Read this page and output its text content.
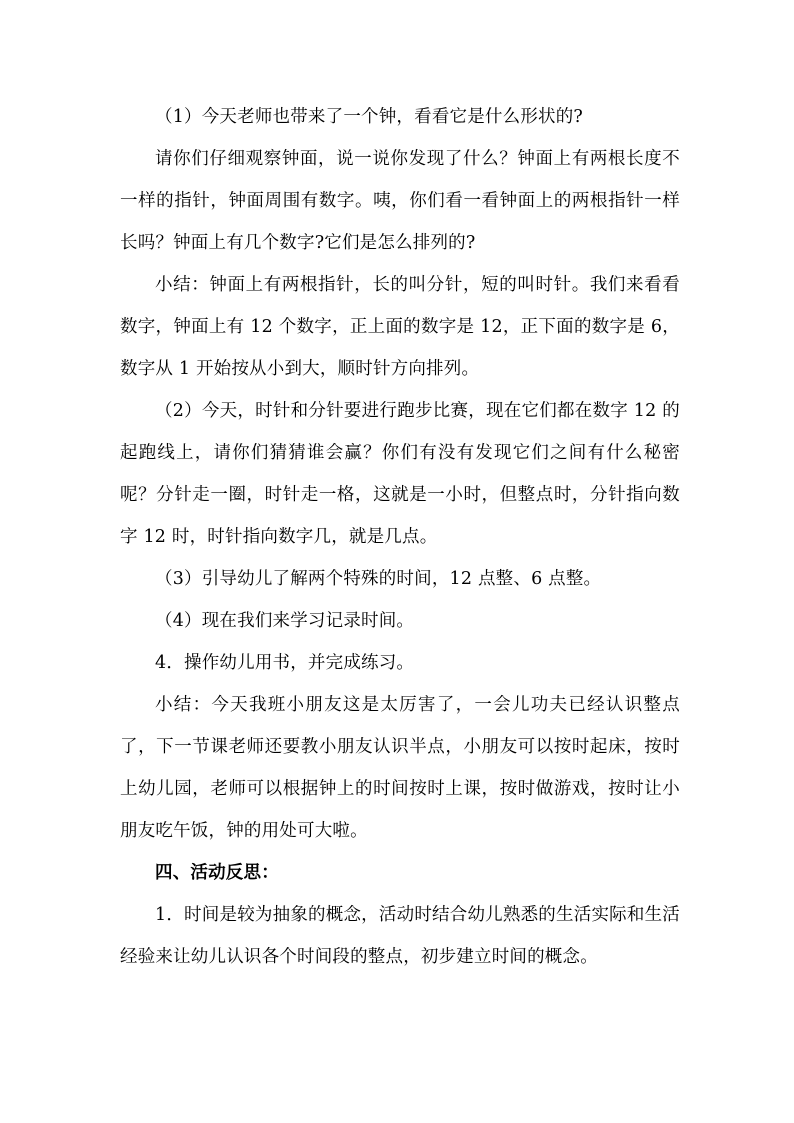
（1）今天老师也带来了一个钟，看看它是什么形状的?

请你们仔细观察钟面，说一说你发现了什么？钟面上有两根长度不一样的指针，钟面周围有数字。咦，你们看一看钟面上的两根指针一样长吗？钟面上有几个数字?它们是怎么排列的?

小结：钟面上有两根指针，长的叫分针，短的叫时针。我们来看看数字，钟面上有 12 个数字，正上面的数字是 12，正下面的数字是 6，数字从 1 开始按从小到大，顺时针方向排列。

（2）今天，时针和分针要进行跑步比赛，现在它们都在数字 12 的起跑线上，请你们猜猜谁会赢？你们有没有发现它们之间有什么秘密呢？分针走一圈，时针走一格，这就是一小时，但整点时，分针指向数字 12 时，时针指向数字几，就是几点。

（3）引导幼儿了解两个特殊的时间，12 点整、6 点整。

（4）现在我们来学习记录时间。

4．操作幼儿用书，并完成练习。

小结：今天我班小朋友这是太厉害了，一会儿功夫已经认识整点了，下一节课老师还要教小朋友认识半点，小朋友可以按时起床，按时上幼儿园，老师可以根据钟上的时间按时上课，按时做游戏，按时让小朋友吃午饭，钟的用处可大啦。

四、活动反思：

1．时间是较为抽象的概念，活动时结合幼儿熟悉的生活实际和生活经验来让幼儿认识各个时间段的整点，初步建立时间的概念。
